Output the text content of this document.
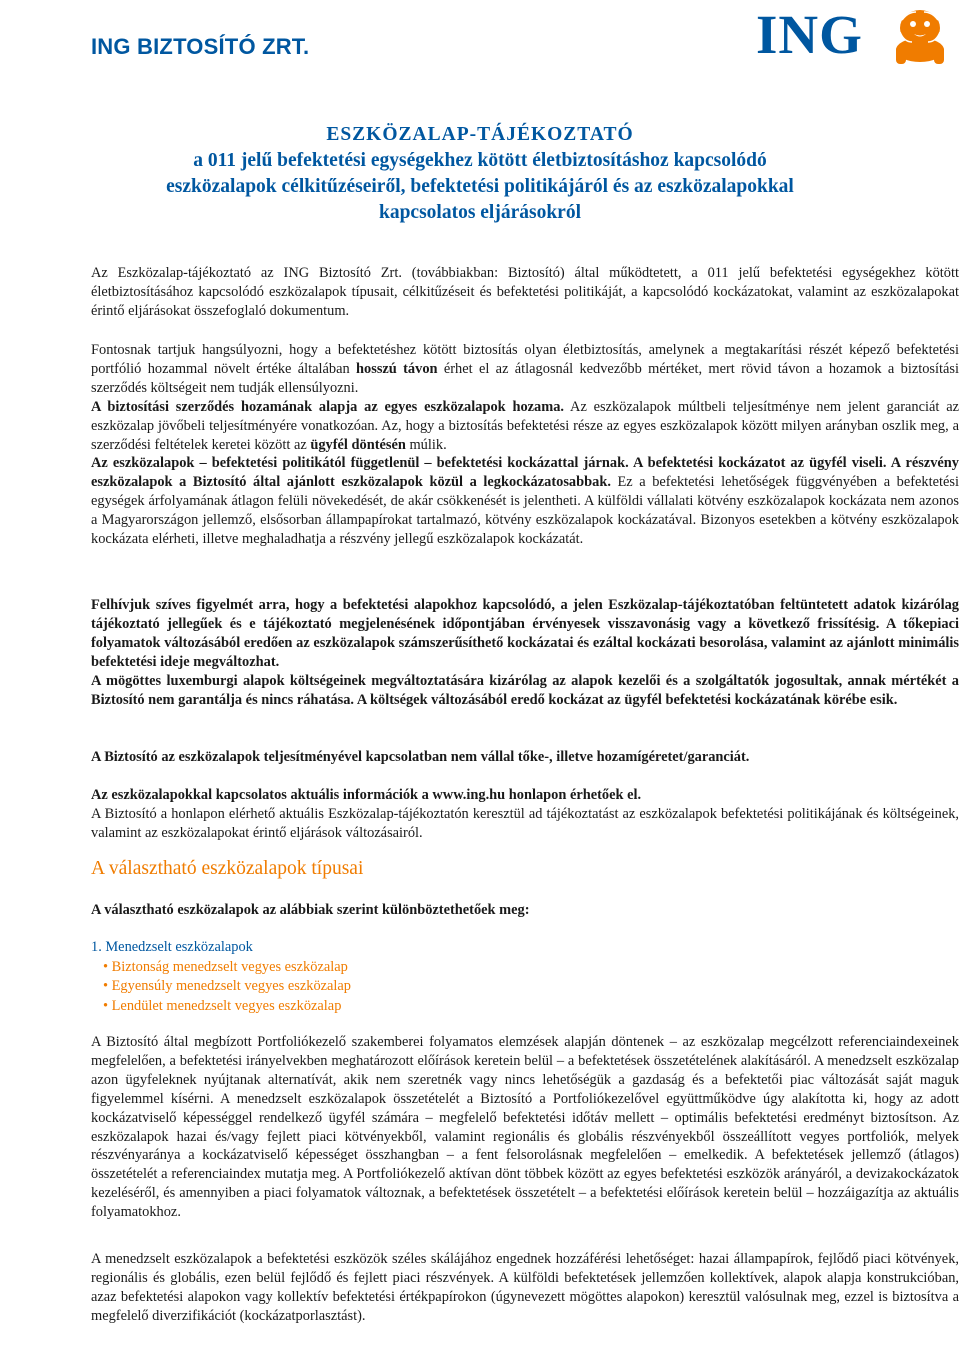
ING BIZTOSÍTÓ ZRT.	ING
ESZKÖZALAP-TÁJÉKOZTATÓ
a 011 jelű befektetési egységekhez kötött életbiztosításhoz kapcsolódó
eszközalapok célkitűzéseiről, befektetési politikájáról és az eszközalapokkal
kapcsolatos eljárásokról

Az Eszközalap-tájékoztató az ING Biztosító Zrt. (továbbiakban: Biztosító) által működtetett, a 011 jelű befektetési egységekhez kötött életbiztosításához kapcsolódó eszközalapok típusait, célkitűzéseit és befektetési politikáját, a kapcsolódó kockázatokat, valamint az eszközalapokat érintő eljárásokat összefoglaló dokumentum.

Fontosnak tartjuk hangsúlyozni, hogy a befektetéshez kötött biztosítás olyan életbiztosítás, amelynek a megtakarítási részét képező befektetési portfólió hozammal növelt értéke általában hosszú távon érhet el az átlagosnál kedvezőbb mértéket, mert rövid távon a hozamok a biztosítási szerződés költségeit nem tudják ellensúlyozni.
A biztosítási szerződés hozamának alapja az egyes eszközalapok hozama. Az eszközalapok múltbeli teljesítménye nem jelent garanciát az eszközalap jövőbeli teljesítményére vonatkozóan. Az, hogy a biztosítás befektetési része az egyes eszközalapok között milyen arányban oszlik meg, a szerződési feltételek keretei között az ügyfél döntésén múlik.
Az eszközalapok – befektetési politikától függetlenül – befektetési kockázattal járnak. A befektetési kockázatot az ügyfél viseli. A részvény eszközalapok a Biztosító által ajánlott eszközalapok közül a legkockázatosabbak. Ez a befektetési lehetőségek függvényében a befektetési egységek árfolyamának átlagon felüli növekedését, de akár csökkenését is jelentheti. A külföldi vállalati kötvény eszközalapok kockázata nem azonos a Magyarországon jellemző, elsősorban állampapírokat tartalmazó, kötvény eszközalapok kockázatával. Bizonyos esetekben a kötvény eszközalapok kockázata elérheti, illetve meghaladhatja a részvény jellegű eszközalapok kockázatát.

Felhívjuk szíves figyelmét arra, hogy a befektetési alapokhoz kapcsolódó, a jelen Eszközalap-tájékoztatóban feltüntetett adatok kizárólag tájékoztató jellegűek és e tájékoztató megjelenésének időpontjában érvényesek visszavonásig vagy a következő frissítésig. A tőkepiaci folyamatok változásából eredően az eszközalapok számszerűsíthető kockázatai és ezáltal kockázati besorolása, valamint az ajánlott minimális befektetési ideje megváltozhat.

A mögöttes luxemburgi alapok költségeinek megváltoztatására kizárólag az alapok kezelői és a szolgáltatók jogosultak, annak mértékét a Biztosító nem garantálja és nincs ráhatása. A költségek változásából eredő kockázat az ügyfél befektetési kockázatának körébe esik.

A Biztosító az eszközalapok teljesítményével kapcsolatban nem vállal tőke-, illetve hozamígéretet/garanciát.

Az eszközalapokkal kapcsolatos aktuális információk a www.ing.hu honlapon érhetőek el.

A Biztosító a honlapon elérhető aktuális Eszközalap-tájékoztatón keresztül ad tájékoztatást az eszközalapok befektetési politikájának és költségeinek, valamint az eszközalapokat érintő eljárások változásairól.

A választható eszközalapok típusai
A választható eszközalapok az alábbiak szerint különböztethetőek meg:
1. Menedzselt eszközalapok
• Biztonság menedzselt vegyes eszközalap
• Egyensúly menedzselt vegyes eszközalap
• Lendület menedzselt vegyes eszközalap

A Biztosító által megbízott Portfoliókezelő szakemberei folyamatos elemzések alapján döntenek – az eszközalap megcélzott referenciaindexeinek megfelelően, a befektetési irányelvekben meghatározott előírások keretein belül – a befektetések összetételének alakításáról. A menedzselt eszközalap azon ügyfeleknek nyújtanak alternatívát, akik nem szeretnék vagy nincs lehetőségük a gazdaság és a befektetői piac változását saját maguk figyelemmel kísérni. A menedzselt eszközalapok összetételét a Biztosító a Portfoliókezelővel együttműködve úgy alakította ki, hogy az adott kockázatviselő képességgel rendelkező ügyfél számára – megfelelő befektetési időtáv mellett – optimális befektetési eredményt biztosítson. Az eszközalapok hazai és/vagy fejlett piaci kötvényekből, valamint regionális és globális részvényekből összeállított vegyes portfoliók, melyek részvényaránya a kockázatviselő képességet összhangban – a fent felsorolásnak megfelelően – emelkedik. A befektetések jellemző (átlagos) összetételét a referenciaindex mutatja meg. A Portfoliókezelő aktívan dönt többek között az egyes befektetési eszközök arányáról, a devizakockázatok kezeléséről, és amennyiben a piaci folyamatok változnak, a befektetések összetételt – a befektetési előírások keretein belül – hozzáigazítja az aktuális folyamatokhoz.

A menedzselt eszközalapok a befektetési eszközök széles skálájához engednek hozzáférési lehetőséget: hazai állampapírok, fejlődő piaci kötvények, regionális és globális, ezen belül fejlődő és fejlett piaci részvények. A külföldi befektetések jellemzően kollektívek, alapok alapja konstrukcióban, azaz befektetési alapokon vagy kollektív befektetési értékpapírokon (úgynevezett mögöttes alapokon) keresztül valósulnak meg, ezzel is biztosítva a megfelelő diverzifikációt (kockázatporlasztást).
